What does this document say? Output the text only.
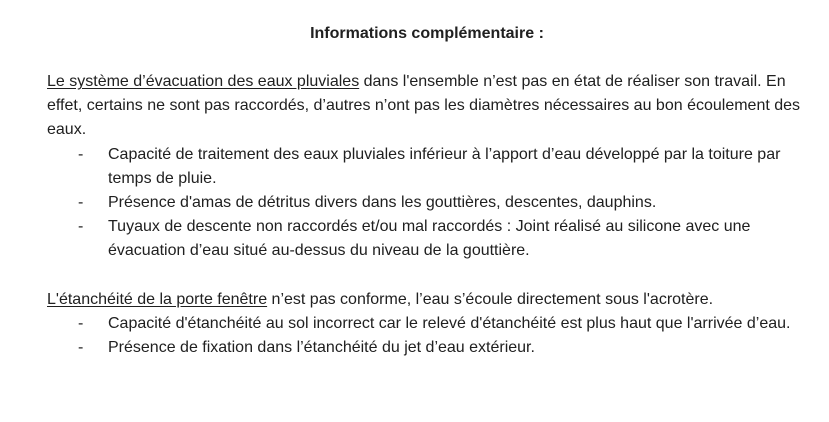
Informations complémentaire :

Le système d’évacuation des eaux pluviales dans l'ensemble n’est pas en état de réaliser son travail. En effet, certains ne sont pas raccordés, d’autres n’ont pas les diamètres nécessaires au bon écoulement des eaux.

- Capacité de traitement des eaux pluviales inférieur à l’apport d’eau développé par la toiture par temps de pluie.
- Présence d'amas de détritus divers dans les gouttières, descentes, dauphins.
- Tuyaux de descente non raccordés et/ou mal raccordés : Joint réalisé au silicone avec une évacuation d’eau situé au-dessus du niveau de la gouttière.

L'étanchéité de la porte fenêtre n’est pas conforme, l’eau s’écoule directement sous l'acrotère.

- Capacité d'étanchéité au sol incorrect car le relevé d'étanchéité est plus haut que l'arrivée d’eau.
- Présence de fixation dans l’étanchéité du jet d’eau extérieur.
